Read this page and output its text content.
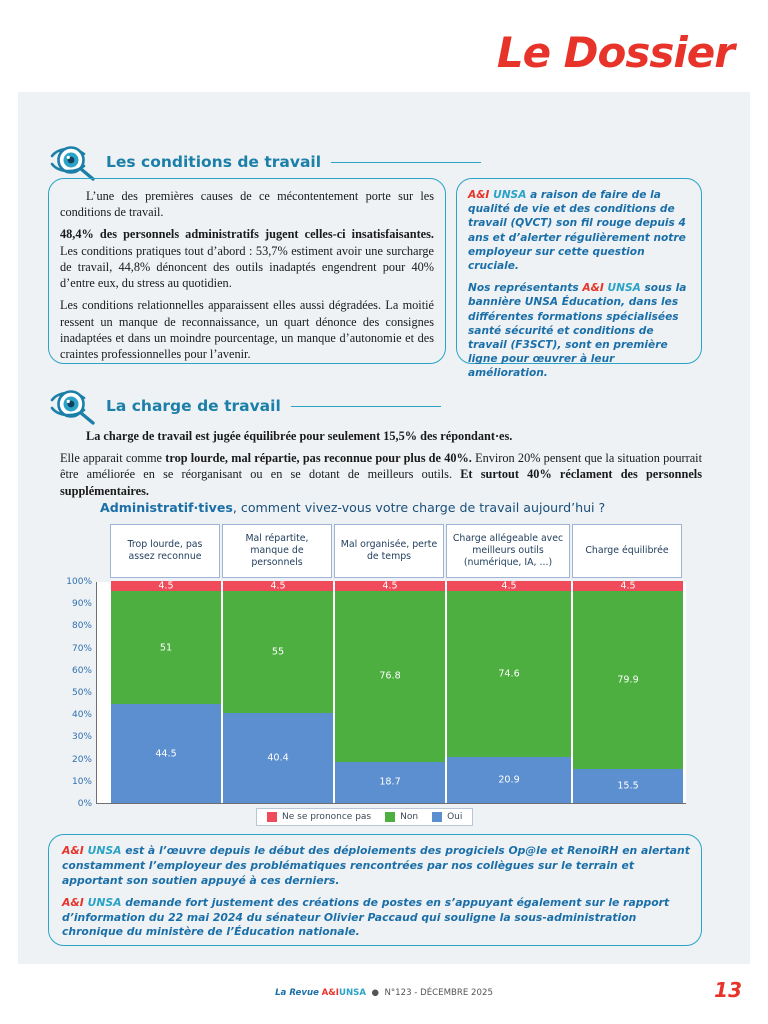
Le Dossier
Les conditions de travail

L’une des premières causes de ce mécontentement porte sur les conditions de travail.

48,4% des personnels administratifs jugent celles-ci insatisfaisantes. Les conditions pratiques tout d’abord : 53,7% estiment avoir une surcharge de travail, 44,8% dénoncent des outils inadaptés engendrent pour 40% d’entre eux, du stress au quotidien.

Les conditions relationnelles apparaissent elles aussi dégradées. La moitié ressent un manque de reconnaissance, un quart dénonce des consignes inadaptées et dans un moindre pourcentage, un manque d’autonomie et des craintes professionnelles pour l’avenir.

A&I UNSA a raison de faire de la qualité de vie et des conditions de travail (QVCT) son fil rouge depuis 4 ans et d’alerter régulièrement notre employeur sur cette question cruciale.

Nos représentants A&I UNSA sous la bannière UNSA Éducation, dans les différentes formations spécialisées santé sécurité et conditions de travail (F3SCT), sont en première ligne pour œuvrer à leur amélioration.

La charge de travail

La charge de travail est jugée équilibrée pour seulement 15,5% des répondant·es.

Elle apparait comme trop lourde, mal répartie, pas reconnue pour plus de 40%. Environ 20% pensent que la situation pourrait être améliorée en se réorganisant ou en se dotant de meilleurs outils. Et surtout 40% réclament des personnels supplémentaires.

Administratif·tives, comment vivez-vous votre charge de travail aujourd’hui ?
Trop lourde, pas assez reconnue
Mal répartite, manque de personnels
Mal organisée, perte de temps
Charge allégeable avec meilleurs outils (numérique, IA, ...)
Charge équilibrée
100%
90%
80%
70%
60%
50%
40%
30%
20%
10%
0%
44.5
51
4.5
40.4
55
4.5
18.7
76.8
4.5
20.9
74.6
4.5
15.5
79.9
4.5
Ne se prononce pas	Non	Oui

A&I UNSA est à l’œuvre depuis le début des déploiements des progiciels Op@le et RenoiRH en alertant constamment l’employeur des problématiques rencontrées par nos collègues sur le terrain et apportant son soutien appuyé à ces derniers.

A&I UNSA demande fort justement des créations de postes en s’appuyant également sur le rapport d’information du 22 mai 2024 du sénateur Olivier Paccaud qui souligne la sous-administration chronique du ministère de l’Éducation nationale.

La Revue A&IUNSA  ●  N°123 - DÉCEMBRE 2025	13
